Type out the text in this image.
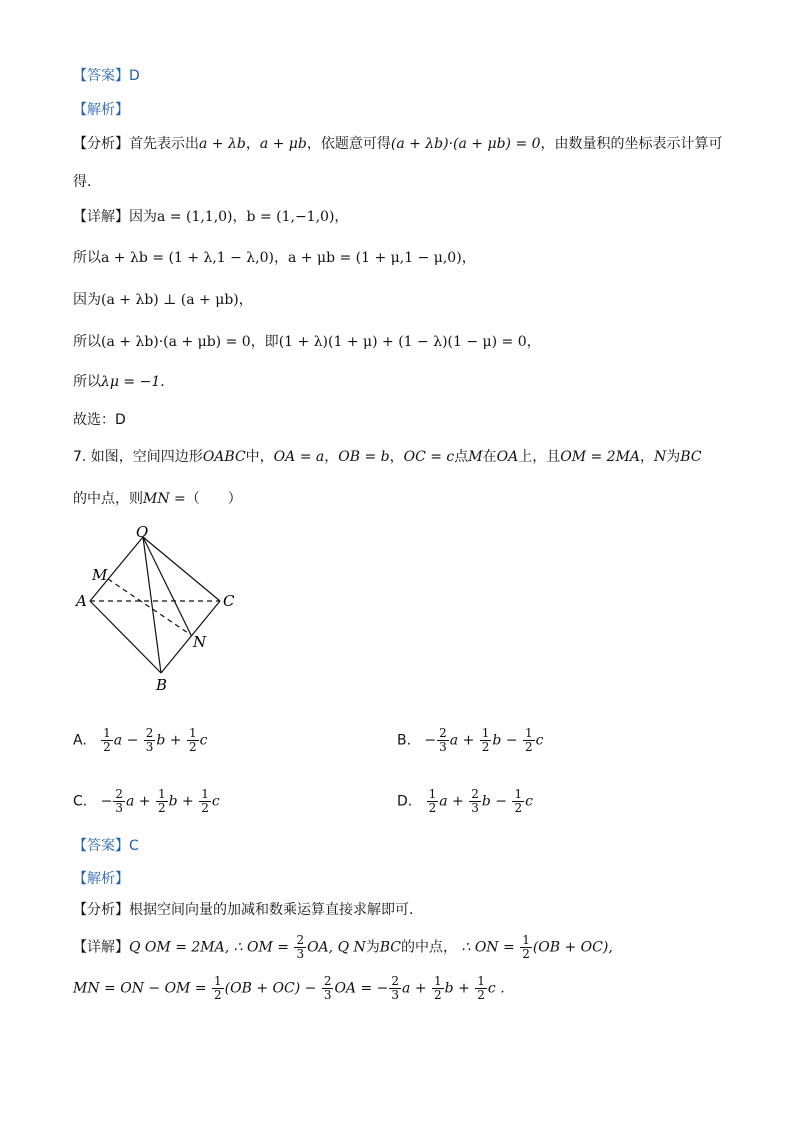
【答案】D
【解析】
【分析】首先表示出a + λb，a + μb，依题意可得(a + λb)·(a + μb) = 0，由数量积的坐标表示计算可
得.
【详解】因为a = (1,1,0)，b = (1,−1,0)，
所以a + λb = (1 + λ,1 − λ,0)，a + μb = (1 + μ,1 − μ,0)，
因为(a + λb) ⊥ (a + μb)，
所以(a + λb)·(a + μb) = 0，即(1 + λ)(1 + μ) + (1 − λ)(1 − μ) = 0，
所以λμ = −1.
故选：D
7. 如图，空间四边形OABC中，OA = a，OB = b，OC = c点M在OA上，且OM = 2MA，N为BC
的中点，则MN =（　　）
O
M
A	C
N
B
A. $\frac{1}{2}$ $a - \frac{2}{3}$ $b + \frac{1}{2}$ c	B. − $\frac{2}{3}$ $a + \frac{1}{2}$ $b - \frac{1}{2}$ c
C. − $\frac{2}{3}$ $a + \frac{1}{2}$ $b + \frac{1}{2}$ c	D. $\frac{1}{2}$ $a + \frac{2}{3}$ $b - \frac{1}{2}$ c
【答案】C
【解析】
【分析】根据空间向量的加减和数乘运算直接求解即可.
【详解】Q OM = 2MA, ∴ OM = $\frac{2}{3}$ OA, Q N为BC的中点， ∴ ON = $\frac{1}{2} (OB + OC)$,
MN = ON − OM = $\frac{1}{2} (OB + OC) - \frac{2}{3}$ OA = − $\frac{2}{3}$ $a + \frac{1}{2}$ $b + \frac{1}{2}$ c .
